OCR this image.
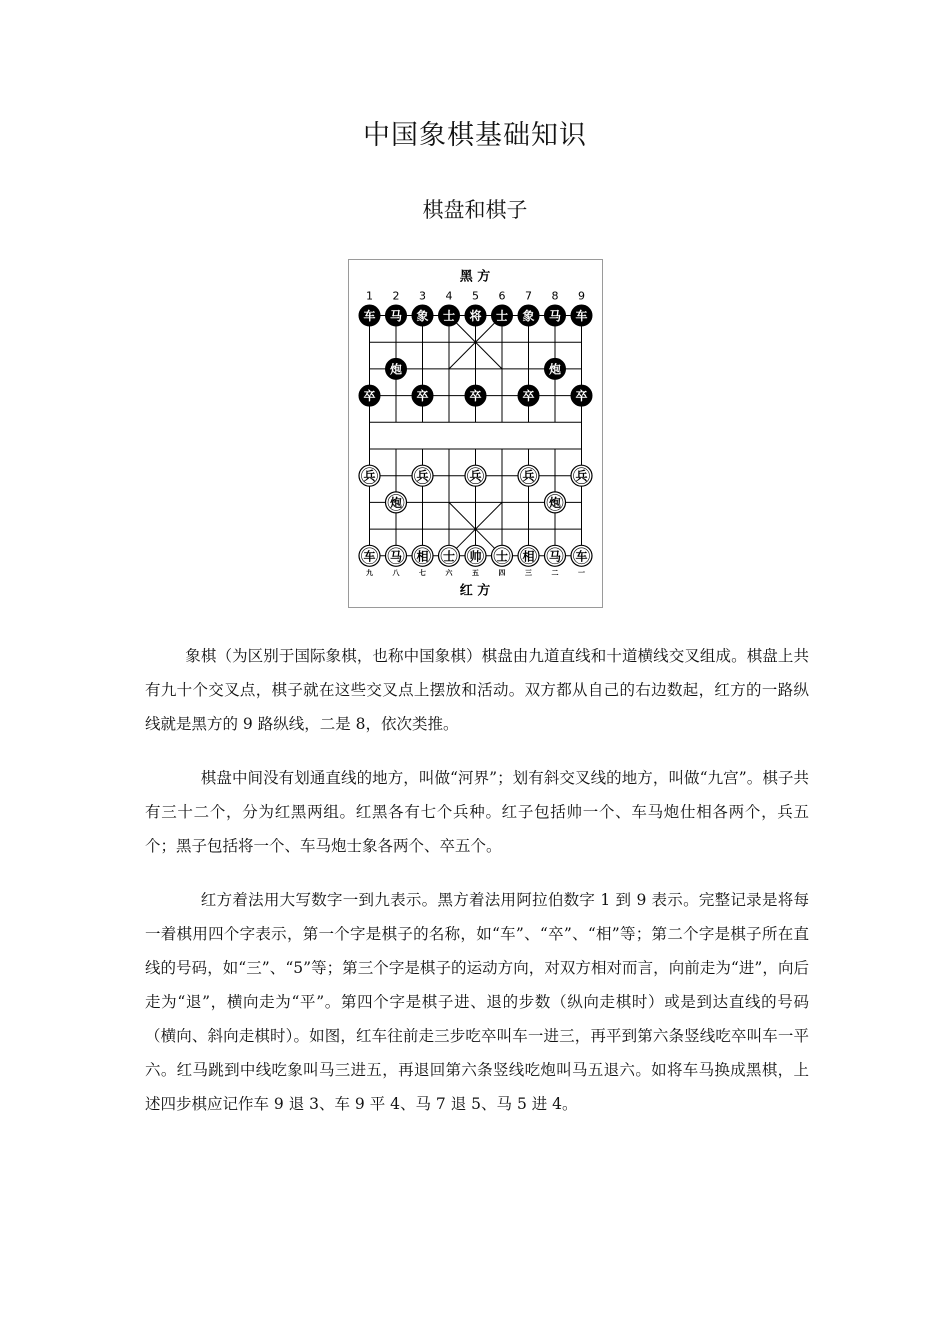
中国象棋基础知识
棋盘和棋子
黑 方
红 方
1 2 3 4 5 6 7 8 9
九	八	七	六	五	四	三	二	一
车 马 象 士 将 士 象 马 车
炮	炮
卒	卒	卒	卒	卒
兵	兵	兵	兵	兵
炮	炮
车 马 相 士 帅 士 相 马 车

象棋（为区别于国际象棋，也称中国象棋）棋盘由九道直线和十道横线交叉组成。棋盘上共有九十个交叉点，棋子就在这些交叉点上摆放和活动。双方都从自己的右边数起，红方的一路纵线就是黑方的 9 路纵线，二是 8，依次类推。

棋盘中间没有划通直线的地方，叫做“河界”；划有斜交叉线的地方，叫做“九宫”。棋子共有三十二个，分为红黑两组。红黑各有七个兵种。红子包括帅一个、车马炮仕相各两个，兵五个；黑子包括将一个、车马炮士象各两个、卒五个。

红方着法用大写数字一到九表示。黑方着法用阿拉伯数字 1 到 9 表示。完整记录是将每一着棋用四个字表示，第一个字是棋子的名称，如“车”、“卒”、“相”等；第二个字是棋子所在直线的号码，如“三”、“5”等；第三个字是棋子的运动方向，对双方相对而言，向前走为“进”，向后走为“退”，横向走为“平”。第四个字是棋子进、退的步数（纵向走棋时）或是到达直线的号码（横向、斜向走棋时）。如图，红车往前走三步吃卒叫车一进三，再平到第六条竖线吃卒叫车一平六。红马跳到中线吃象叫马三进五，再退回第六条竖线吃炮叫马五退六。如将车马换成黑棋，上述四步棋应记作车 9 退 3、车 9 平 4、马 7 退 5、马 5 进 4。
